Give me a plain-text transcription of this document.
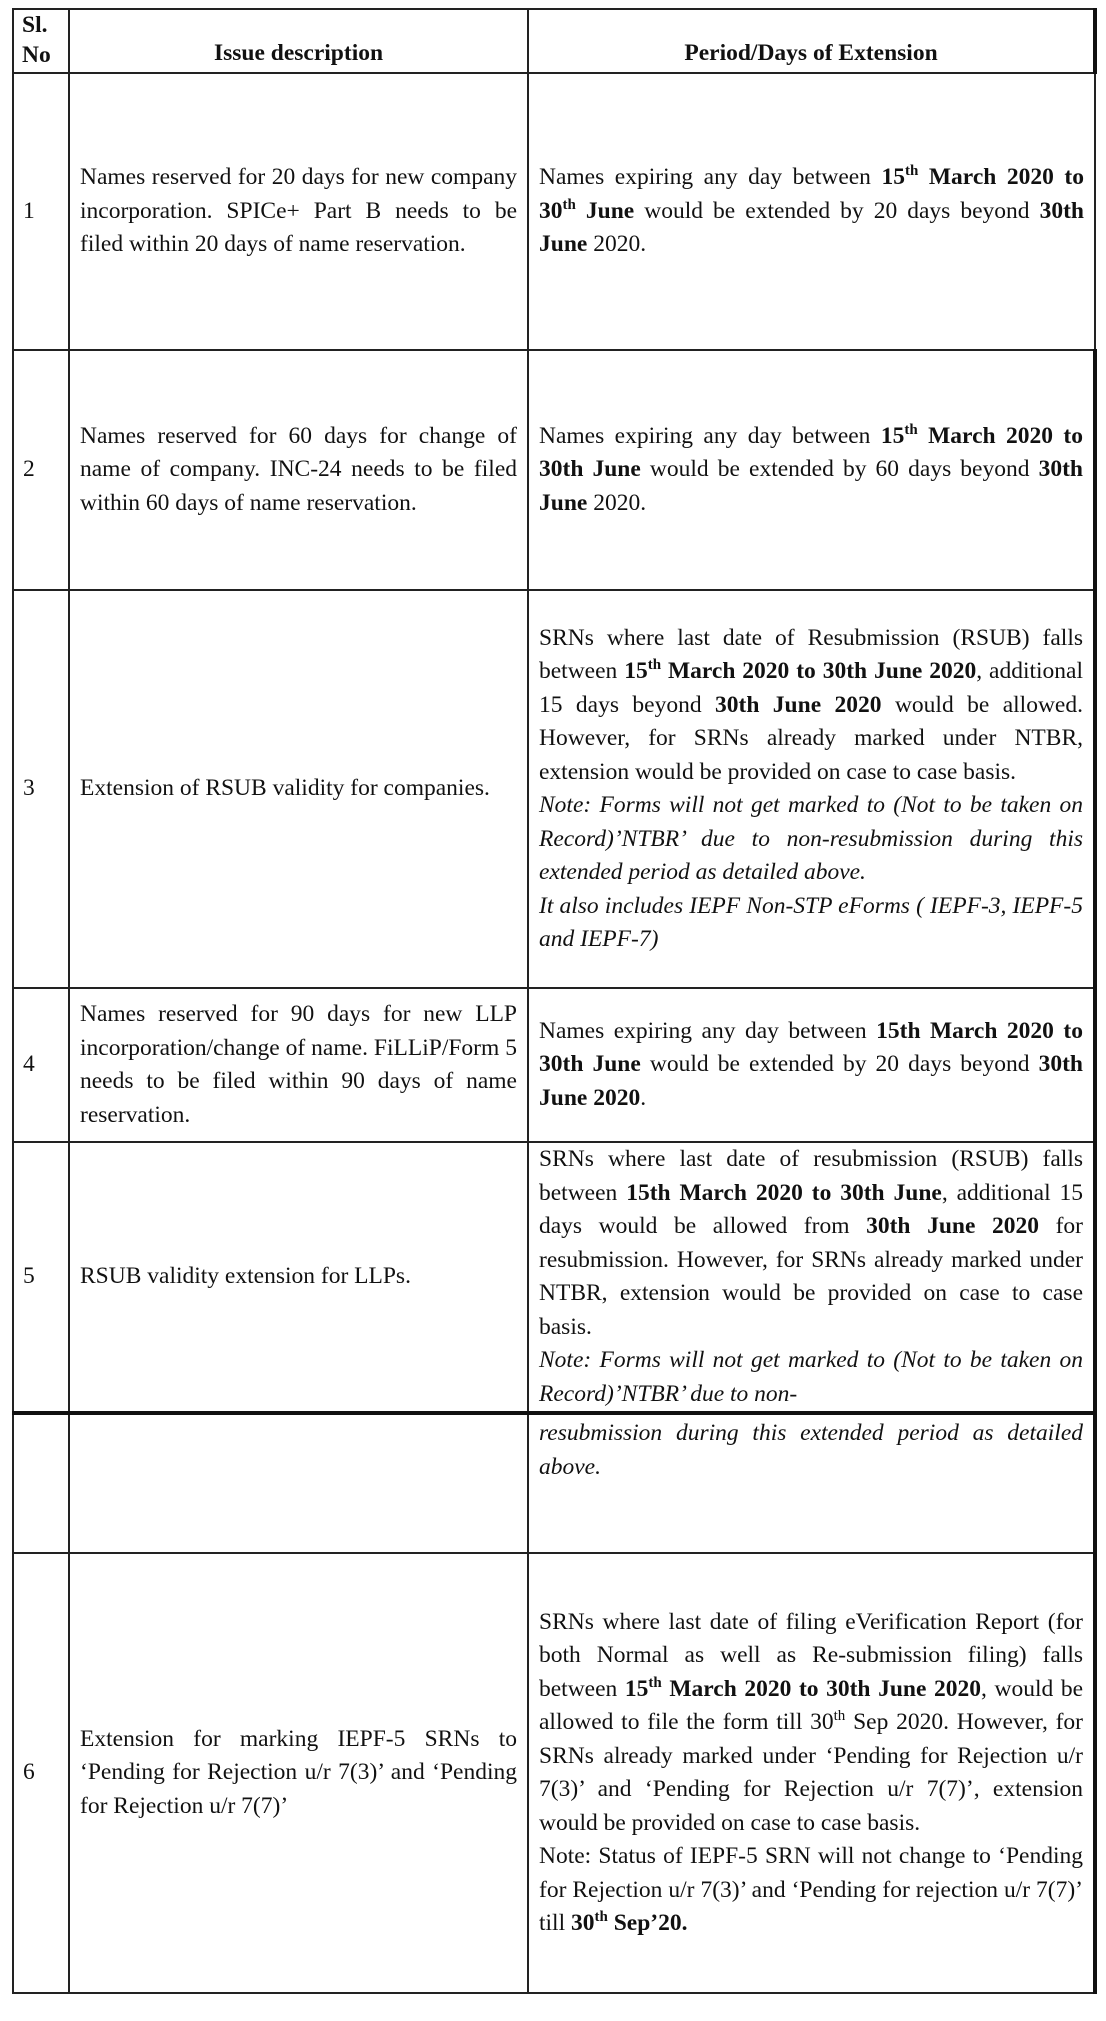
Sl.
No	Issue description	Period/Days of Extension
1	Names reserved for 20 days for new company incorporation. SPICe+ Part B needs to be filed within 20 days of name reservation.	Names expiring any day between 15th March 2020 to 30th June would be extended by 20 days beyond 30th June 2020.
2	Names reserved for 60 days for change of name of company. INC-24 needs to be filed within 60 days of name reservation.	Names expiring any day between 15th March 2020 to 30th June would be extended by 60 days beyond 30th June 2020.
3	Extension of RSUB validity for companies.	SRNs where last date of Resubmission (RSUB) falls between 15th March 2020 to 30th June 2020, additional 15 days beyond 30th June 2020 would be allowed. However, for SRNs already marked under NTBR, extension would be provided on case to case basis.
Note: Forms will not get marked to (Not to be taken on Record)’NTBR’ due to non-resubmission during this extended period as detailed above.
It also includes IEPF Non-STP eForms ( IEPF-3, IEPF-5 and IEPF-7)
4	Names reserved for 90 days for new LLP incorporation/change of name. FiLLiP/Form 5 needs to be filed within 90 days of name reservation.	Names expiring any day between 15th March 2020 to 30th June would be extended by 20 days beyond 30th June 2020.
5	RSUB validity extension for LLPs.	SRNs where last date of resubmission (RSUB) falls between 15th March 2020 to 30th June, additional 15 days would be allowed from 30th June 2020 for resubmission. However, for SRNs already marked under NTBR, extension would be provided on case to case basis.
Note: Forms will not get marked to (Not to be taken on Record)’NTBR’ due to non-
		resubmission during this extended period as detailed above.
6	Extension for marking IEPF-5 SRNs to ‘Pending for Rejection u/r 7(3)’ and ‘Pending for Rejection u/r 7(7)’	SRNs where last date of filing eVerification Report (for both Normal as well as Re-submission filing) falls between 15th March 2020 to 30th June 2020, would be allowed to file the form till 30th Sep 2020. However, for SRNs already marked under ‘Pending for Rejection u/r 7(3)’ and ‘Pending for Rejection u/r 7(7)’, extension would be provided on case to case basis.
Note: Status of IEPF-5 SRN will not change to ‘Pending for Rejection u/r 7(3)’ and ‘Pending for rejection u/r 7(7)’ till 30th Sep’20.
